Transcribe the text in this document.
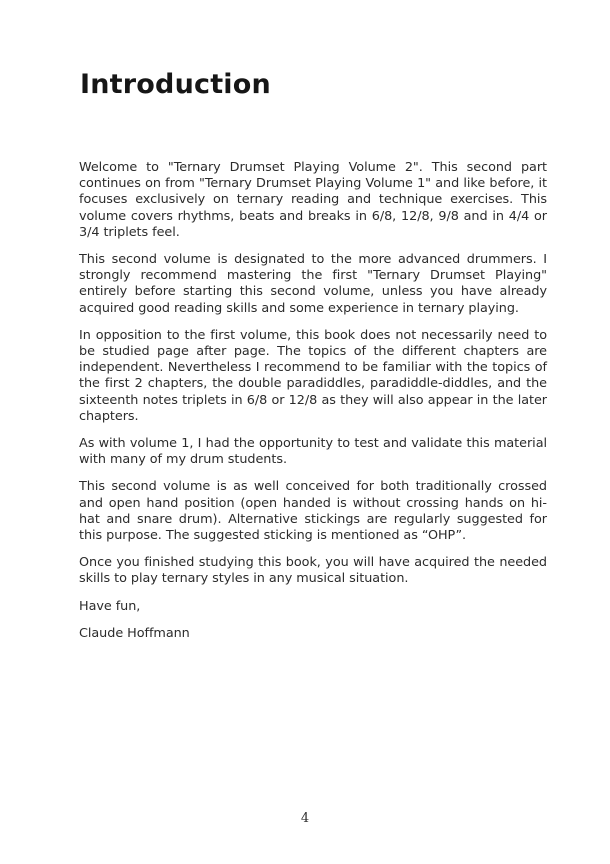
Introduction

Welcome to "Ternary Drumset Playing Volume 2". This second part continues on from "Ternary Drumset Playing Volume 1" and like before, it focuses exclusively on ternary reading and technique exercises. This volume covers rhythms, beats and breaks in 6/8, 12/8, 9/8 and in 4/4 or 3/4 triplets feel.

This second volume is designated to the more advanced drummers. I strongly recommend mastering the first "Ternary Drumset Playing" entirely before starting this second volume, unless you have already acquired good reading skills and some experience in ternary playing.

In opposition to the first volume, this book does not necessarily need to be studied page after page. The topics of the different chapters are independent. Nevertheless I recommend to be familiar with the topics of the first 2 chapters, the double paradiddles, paradiddle-diddles, and the sixteenth notes triplets in 6/8 or 12/8 as they will also appear in the later chapters.

As with volume 1, I had the opportunity to test and validate this material with many of my drum students.

This second volume is as well conceived for both traditionally crossed and open hand position (open handed is without crossing hands on hi-hat and snare drum). Alternative stickings are regularly suggested for this purpose. The suggested sticking is mentioned as “OHP”.

Once you finished studying this book, you will have acquired the needed skills to play ternary styles in any musical situation.

Have fun,

Claude Hoffmann

4
